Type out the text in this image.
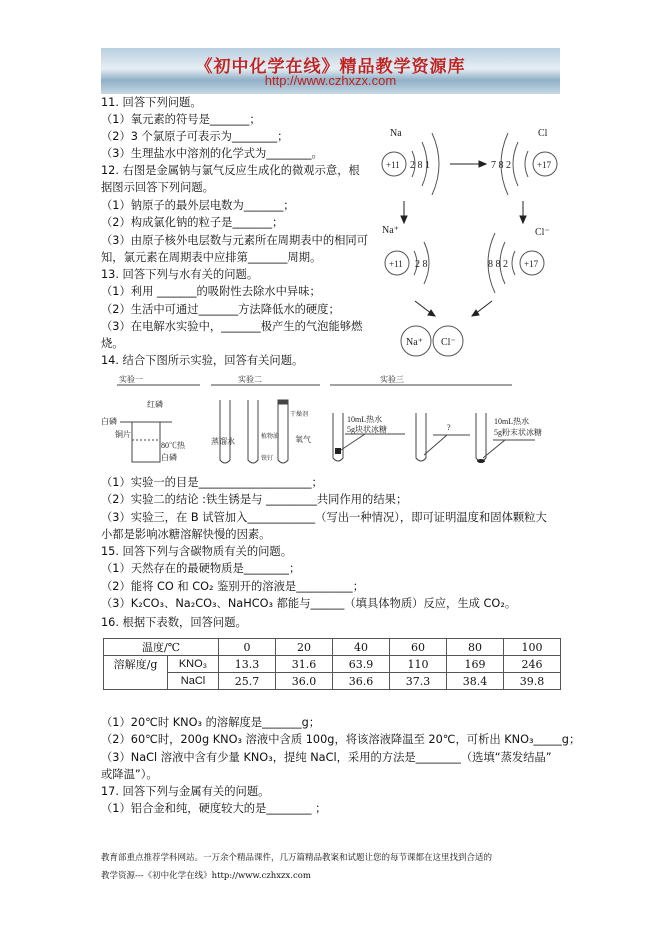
《初中化学在线》精品教学资源库
http://www.czhxzx.com
11. 回答下列问题。
（1）氧元素的符号是_______；
（2）3 个氯原子可表示为________；
（3）生理盐水中溶剂的化学式为________。
12. 右图是金属钠与氯气反应生成化的微观示意，根
据图示回答下列问题。
（1）钠原子的最外层电数为_______；
（2）构成氯化钠的粒子是_______；
（3）由原子核外电层数与元素所在周期表中的相同可
知，氯元素在周期表中应排第_______周期。
13. 回答下列与水有关的问题。
（1）利用 _______的吸附性去除水中异味；
（2）生活中可通过_______方法降低水的硬度；
（3）在电解水实验中，_______极产生的气泡能够燃
烧。
14. 结合下图所示实验，回答有关问题。
Na
+11 2 8 1
Cl
+17
7 8 2
Na⁺
+11 2 8
Cl⁻
+17
8 8 2
Na⁺ Cl⁻
实验一	实验二	实验三
红磷
白磷
铜片
80℃热
白磷
蒸馏水	植物油
铁钉
干燥剂
氧气
10mL热水
5g块状冰糖	?
10mL热水
5g粉末状冰糖
（1）实验一的目是____________________；
（2）实验二的结论 :铁生锈是与 _________共同作用的结果；
（3）实验三，在 B 试管加入____________（写出一种情况），即可证明温度和固体颗粒大
小都是影响冰糖溶解快慢的因素。
15. 回答下列与含碳物质有关的问题。
（1）天然存在的最硬物质是________；
（2）能将 CO 和 CO₂ 鉴别开的溶液是__________；
（3）K₂CO₃、Na₂CO₃、NaHCO₃ 都能与______（填具体物质）反应，生成 CO₂。
16. 根据下表数，回答问题。
温度/℃		0	20	40	60	80	100
溶解度/g	KNO₃	13.3	31.6	63.9	110	169	246
	NaCl	25.7	36.0	36.6	37.3	38.4	39.8
（1）20℃时 KNO₃ 的溶解度是_______g；
（2）60℃时，200g KNO₃ 溶液中含质 100g，将该溶液降温至 20℃，可析出 KNO₃_____g；
（3）NaCl 溶液中含有少量 KNO₃，提纯 NaCl，采用的方法是________（选填“蒸发结晶”
或降温”）。
17. 回答下列与金属有关的问题。
（1）铝合金和纯，硬度较大的是________ ；
教育部重点推荐学科网站。一万余个精品课件，几万篇精品教案和试题让您的每节课都在这里找到合适的
教学资源---《初中化学在线》http://www.czhxzx.com
